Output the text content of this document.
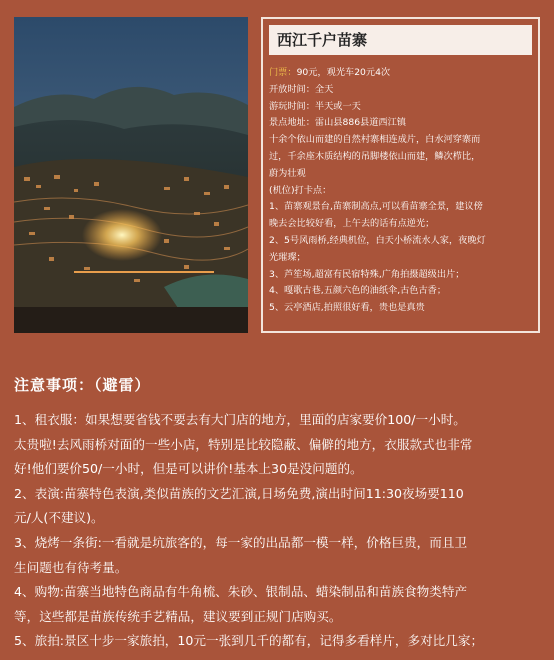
西江千户苗寨
门票：90元，观光车20元4次
开放时间：全天
游玩时间：半天或一天
景点地址：雷山县886县道西江镇
十余个依山而建的自然村寨相连成片，白水河穿寨而
过，千余座木质结构的吊脚楼依山而建，鳞次栉比，
蔚为壮观
(机位)打卡点：
1、苗寨观景台,苗寨制高点,可以看苗寨全景，建议傍
晚去会比较好看，上午去的话有点逆光；
2、5号风雨桥,经典机位，白天小桥流水人家，夜晚灯
光璀璨；
3、芦笙场,超富有民宿特殊,广角拍摄超级出片；
4、嘎歌古巷,五颜六色的油纸伞,古色古香；
5、云亭酒店,拍照很好看，贵也是真贵
注意事项：（避雷）
1、租衣服：如果想要省钱不要去有大门店的地方，里面的店家要价100/一小时。
太贵啦!去风雨桥对面的一些小店，特别是比较隐蔽、偏僻的地方，衣服款式也非常
好!他们要价50/一小时，但是可以讲价!基本上30是没问题的。
2、表演:苗寨特色表演,类似苗族的文艺汇演,日场免费,演出时间11:30夜场要110
元/人(不建议)。
3、烧烤一条街:一看就是坑旅客的，每一家的出品都一模一样，价格巨贵，而且卫
生问题也有待考量。
4、购物:苗寨当地特色商品有牛角梳、朱砂、银制品、蜡染制品和苗族食物类特产
等，这些都是苗族传统手艺精品，建议要到正规门店购买。
5、旅拍:景区十步一家旅拍，10元一张到几千的都有，记得多看样片，多对比几家；
